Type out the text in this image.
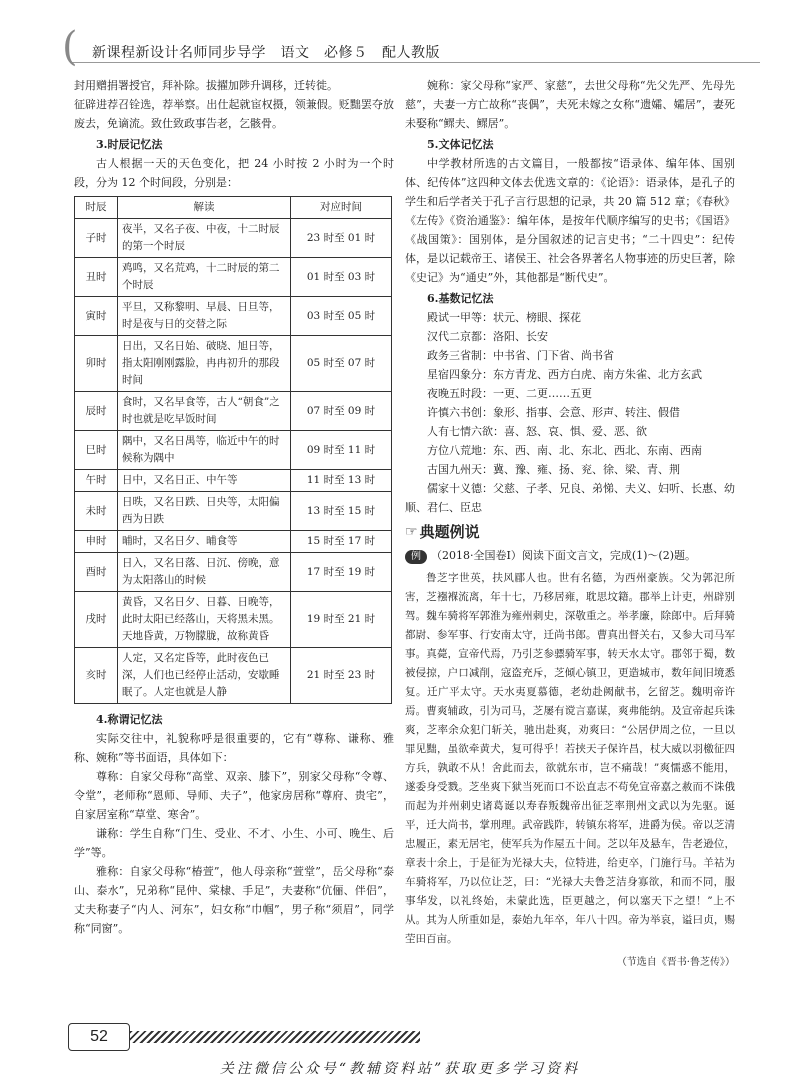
( 新课程新设计名师同步导学　语文　必修５　配人教版

封用赠捐署授官，拜补除。拔擢加陟升调移，迁转徙。

征辟进荐召铨选，荐举察。出仕起就宦权摄，领兼假。贬黜罢夺放废去，免谪流。致仕致政事告老，乞骸骨。

3.时辰记忆法

古人根据一天的天色变化，把 24 小时按 2 小时为一个时段，分为 12 个时间段，分别是：

时辰	解读	对应时间
子时	夜半，又名子夜、中夜，十二时辰的第一个时辰	23 时至 01 时
丑时	鸡鸣，又名荒鸡，十二时辰的第二个时辰	01 时至 03 时
寅时	平旦，又称黎明、早晨、日旦等，时是夜与日的交替之际	03 时至 05 时
卯时	日出，又名日始、破晓、旭日等，指太阳刚刚露脸，冉冉初升的那段时间	05 时至 07 时
辰时	食时，又名早食等，古人“朝食”之时也就是吃早饭时间	07 时至 09 时
巳时	隅中，又名日禺等，临近中午的时候称为隅中	09 时至 11 时
午时	日中，又名日正、中午等	11 时至 13 时
未时	日昳，又名日跌、日央等，太阳偏西为日跌	13 时至 15 时
申时	晡时，又名日夕、晡食等	15 时至 17 时
酉时	日入，又名日落、日沉、傍晚，意为太阳落山的时候	17 时至 19 时
戌时	黄昏，又名日夕、日暮、日晚等，此时太阳已经落山，天将黑未黑。天地昏黄，万物朦胧，故称黄昏	19 时至 21 时
亥时	人定，又名定昏等，此时夜色已深，人们也已经停止活动，安歇睡眠了。人定也就是人静	21 时至 23 时

4.称谓记忆法

实际交往中，礼貌称呼是很重要的，它有“尊称、谦称、雅称、婉称”等书面语，具体如下：

尊称：自家父母称“高堂、双亲、膝下”，别家父母称“令尊、令堂”，老师称“恩师、导师、夫子”，他家房居称“尊府、贵宅”，自家居室称“草堂、寒舍”。

谦称：学生自称“门生、受业、不才、小生、小可、晚生、后学”等。

雅称：自家父母称“椿萱”，他人母亲称“萱堂”，岳父母称“泰山、泰水”，兄弟称“昆仲、棠棣、手足”，夫妻称“伉俪、伴侣”，丈夫称妻子“内人、河东”，妇女称“巾帼”，男子称“须眉”，同学称“同窗”。

婉称：家父母称“家严、家慈”，去世父母称“先父先严、先母先慈”，夫妻一方亡故称“丧偶”，夫死未嫁之女称“遗孀、孀居”，妻死未娶称“鳏夫、鳏居”。

5.文体记忆法

中学教材所选的古文篇目，一般都按“语录体、编年体、国别体、纪传体”这四种文体去优选文章的：《论语》：语录体，是孔子的学生和后学者关于孔子言行思想的记录，共 20 篇 512 章；《春秋》《左传》《资治通鉴》：编年体，是按年代顺序编写的史书；《国语》《战国策》：国别体，是分国叙述的记言史书；“二十四史”：纪传体，是以记载帝王、诸侯王、社会各界著名人物事迹的历史巨著，除《史记》为“通史”外，其他都是“断代史”。

6.基数记忆法

殿试一甲等：状元、榜眼、探花

汉代二京都：洛阳、长安

政务三省制：中书省、门下省、尚书省

星宿四象分：东方青龙、西方白虎、南方朱雀、北方玄武

夜晚五时段：一更、二更……五更

许慎六书创：象形、指事、会意、形声、转注、假借

人有七情六欲：喜、怒、哀、惧、爱、恶、欲

方位八荒地：东、西、南、北、东北、西北、东南、西南

古国九州天：冀、豫、雍、扬、兖、徐、梁、青、荆

儒家十义德：父慈、子孝、兄良、弟悌、夫义、妇听、长惠、幼顺、君仁、臣忠

☞ 典题例说

例 （2018·全国卷Ⅰ）阅读下面文言文，完成(1)～(2)题。

鲁芝字世英，扶风郿人也。世有名德，为西州豪族。父为郭氾所害，芝襁褓流离，年十七，乃移居雍，耽思坟籍。郡举上计吏，州辟别驾。魏车骑将军郭淮为雍州刺史，深敬重之。举孝廉，除郎中。后拜骑都尉、参军事、行安南太守，迁尚书郎。曹真出督关右，又参大司马军事。真薨，宣帝代焉，乃引芝参骠骑军事，转天水太守。郡邻于蜀，数被侵掠，户口减削，寇盗充斥，芝倾心镇卫，更造城市，数年间旧境悉复。迁广平太守。天水夷夏慕德，老幼赴阙献书，乞留芝。魏明帝许焉。曹爽辅政，引为司马，芝屡有谠言嘉谋，爽弗能纳。及宣帝起兵诛爽，芝率余众犯门斩关，驰出赴爽，劝爽曰：“公居伊周之位，一旦以罪见黜，虽欲牵黄犬，复可得乎！若挟天子保许昌，杖大威以羽檄征四方兵，孰敢不从！舍此而去，欲就东市，岂不痛哉！”爽懦惑不能用，遂委身受戮。芝坐爽下狱当死而口不讼直志不苟免宣帝嘉之赦而不诛俄而起为并州刺史诸葛诞以寿春叛魏帝出征芝率荆州文武以为先驱。诞平，迁大尚书，掌刑理。武帝践阼，转镇东将军，进爵为侯。帝以芝清忠履正，素无居宅，使军兵为作屋五十间。芝以年及悬车，告老逊位，章表十余上，于是征为光禄大夫，位特进，给吏卒，门施行马。羊祜为车骑将军，乃以位让芝，曰：“光禄大夫鲁芝洁身寡欲，和而不同，服事华发，以礼终始，未蒙此选，臣更越之，何以塞天下之望！”上不从。其为人所重如是，泰始九年卒，年八十四。帝为举哀，谥曰贞，赐茔田百亩。

（节选自《晋书·鲁芝传》）

52
关注微信公众号“教辅资料站”获取更多学习资料
